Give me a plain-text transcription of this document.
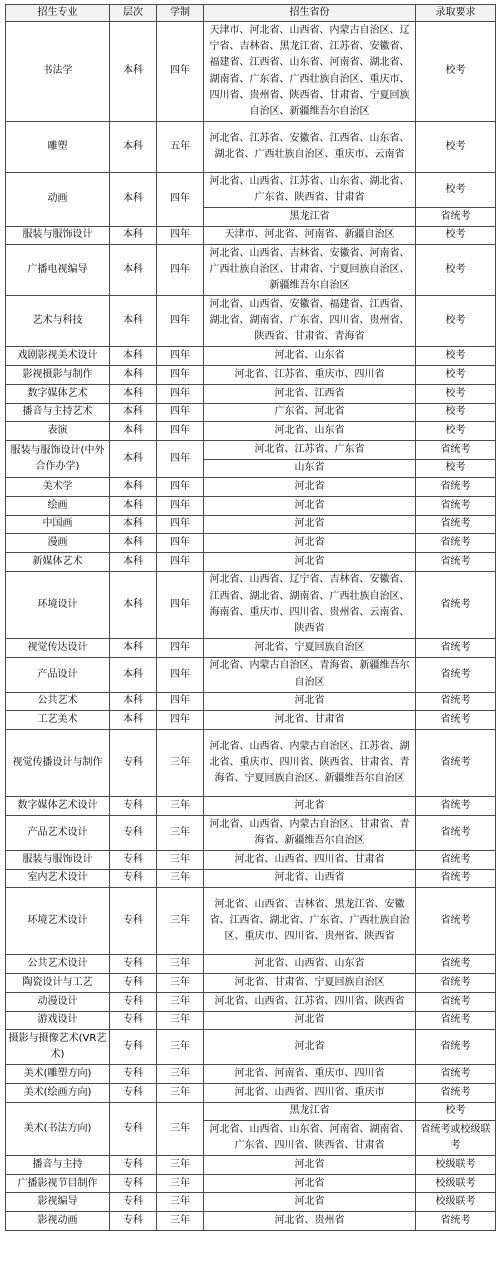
招生专业	层次	学制	招生省份	录取要求
书法学	本科	四年	天津市、河北省、山西省、内蒙古自治区、辽宁省、吉林省、黑龙江省、江苏省、安徽省、福建省、江西省、山东省、河南省、湖北省、湖南省、广东省、广西壮族自治区、重庆市、四川省、贵州省、陕西省、甘肃省、宁夏回族自治区、新疆维吾尔自治区	校考
雕塑	本科	五年	河北省、江苏省、安徽省、江西省、山东省、湖北省、广西壮族自治区、重庆市、云南省	校考
动画	本科	四年	河北省、山西省、江苏省、山东省、湖北省、广东省、陕西省、甘肃省	校考
			黑龙江省	省统考
服装与服饰设计	本科	四年	天津市、河北省、河南省、新疆自治区	校考
广播电视编导	本科	四年	河北省、山西省、吉林省、安徽省、河南省、广西壮族自治区、甘肃省、宁夏回族自治区、新疆维吾尔自治区	校考
艺术与科技	本科	四年	河北省、山西省、安徽省、福建省、江西省、湖北省、湖南省、广东省、四川省、贵州省、陕西省、甘肃省、青海省	校考
戏剧影视美术设计	本科	四年	河北省、山东省	校考
影视摄影与制作	本科	四年	河北省、江苏省、重庆市、四川省	校考
数字媒体艺术	本科	四年	河北省、江西省	校考
播音与主持艺术	本科	四年	广东省、河北省	校考
表演	本科	四年	河北省、山东省	校考
服装与服饰设计(中外合作办学)	本科	四年	河北省、江苏省、广东省	省统考
			山东省	校考
美术学	本科	四年	河北省	省统考
绘画	本科	四年	河北省	省统考
中国画	本科	四年	河北省	省统考
漫画	本科	四年	河北省	省统考
新媒体艺术	本科	四年	河北省	省统考
环境设计	本科	四年	河北省、山西省、辽宁省、吉林省、安徽省、江西省、湖北省、湖南省、广西壮族自治区、海南省、重庆市、四川省、贵州省、云南省、陕西省	省统考
视觉传达设计	本科	四年	河北省、宁夏回族自治区	省统考
产品设计	本科	四年	河北省、内蒙古自治区、青海省、新疆维吾尔自治区	省统考
公共艺术	本科	四年	河北省	省统考
工艺美术	本科	四年	河北省、甘肃省	省统考
视觉传播设计与制作	专科	三年	河北省、山西省、内蒙古自治区、江苏省、湖北省、重庆市、四川省、陕西省、甘肃省、青海省、宁夏回族自治区、新疆维吾尔自治区	省统考
数字媒体艺术设计	专科	三年	河北省	省统考
产品艺术设计	专科	三年	河北省、山西省、内蒙古自治区、甘肃省、青海省、新疆维吾尔自治区	省统考
服装与服饰设计	专科	三年	河北省、山西省、四川省、甘肃省	省统考
室内艺术设计	专科	三年	河北省、山西省	省统考
环境艺术设计	专科	三年	河北省、山西省、吉林省、黑龙江省、安徽省、江西省、湖北省、广东省、广西壮族自治区、重庆市、四川省、贵州省、陕西省	省统考
公共艺术设计	专科	三年	河北省、山西省、山东省	省统考
陶瓷设计与工艺	专科	三年	河北省、甘肃省、宁夏回族自治区	省统考
动漫设计	专科	三年	河北省、山西省、江苏省、四川省、陕西省	省统考
游戏设计	专科	三年	河北省	省统考
摄影与摄像艺术(VR艺术)	专科	三年	河北省	省统考
美术(雕塑方向)	专科	三年	河北省、河南省、重庆市、四川省	省统考
美术(绘画方向)	专科	三年	河北省、山西省、四川省、重庆市	省统考
美术(书法方向)	专科	三年	黑龙江省	校考
			河北省、山西省、山东省、河南省、湖南省、广东省、四川省、陕西省、甘肃省	省统考或校级联考
播音与主持	专科	三年	河北省	校级联考
广播影视节目制作	专科	三年	河北省	校级联考
影视编导	专科	三年	河北省	校级联考
影视动画	专科	三年	河北省、贵州省	省统考
